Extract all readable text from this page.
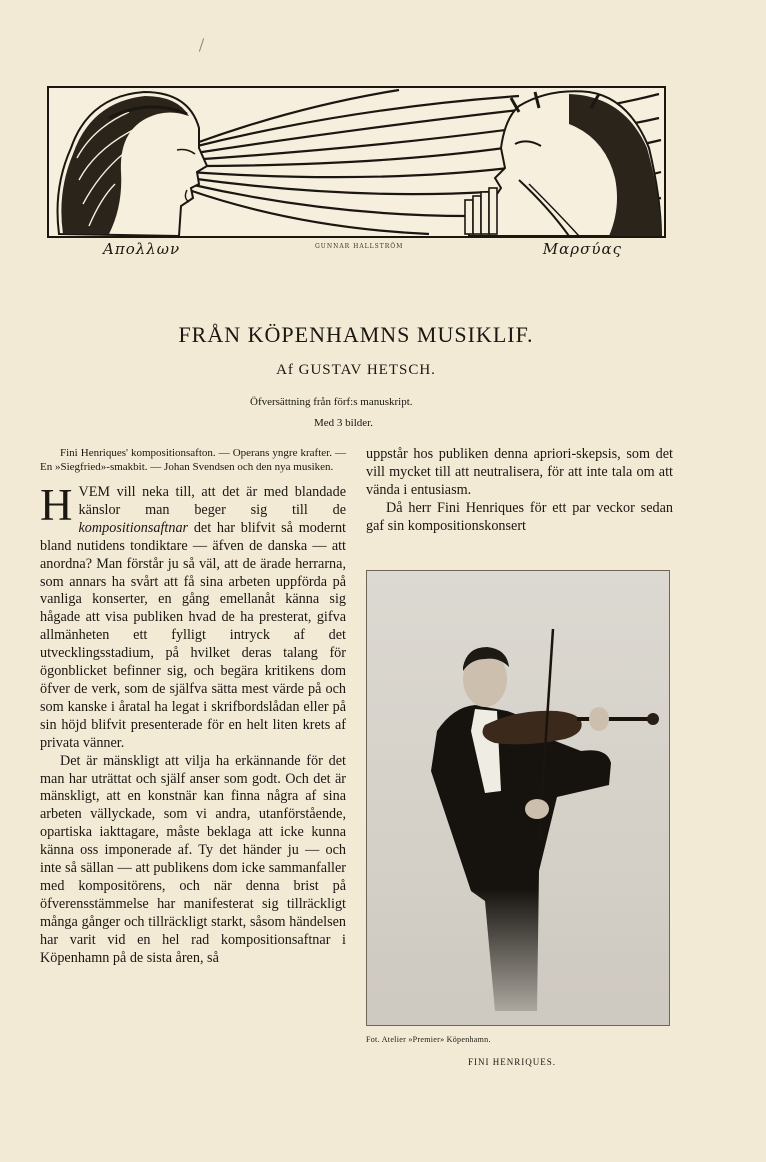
Απολλων	GUNNAR HALLSTRÖM	Μαρσύας
FRÅN KÖPENHAMNS MUSIKLIF.
Af GUSTAV HETSCH.
Öfversättning från förf:s manuskript.
Med 3 bilder.
Fini Henriques' kompositionsafton. — Operans yngre krafter. — En »Siegfried»-smakbit. — Johan Svendsen och den nya musiken.

HVEM vill neka till, att det är med blandade känslor man beger sig till de kompositionsaftnar det har blifvit så modernt bland nutidens tondiktare — äfven de danska — att anordna? Man förstår ju så väl, att de ärade herrarna, som annars ha svårt att få sina arbeten uppförda på vanliga konserter, en gång emellanåt känna sig hågade att visa publiken hvad de ha presterat, gifva allmänheten ett fylligt intryck af det utvecklingsstadium, på hvilket deras talang för ögonblicket befinner sig, och begära kritikens dom öfver de verk, som de själfva sätta mest värde på och som kanske i åratal ha legat i skrifbordslådan eller på sin höjd blifvit presenterade för en helt liten krets af privata vänner.

Det är mänskligt att vilja ha erkännande för det man har uträttat och själf anser som godt. Och det är mänskligt, att en konstnär kan finna några af sina arbeten vällyckade, som vi andra, utanförstående, opartiska iakttagare, måste beklaga att icke kunna känna oss imponerade af. Ty det händer ju — och inte så sällan — att publikens dom icke sammanfaller med kompositörens, och när denna brist på öfverensstämmelse har manifesterat sig tillräckligt många gånger och tillräckligt starkt, såsom händelsen har varit vid en hel rad kompositionsaftnar i Köpenhamn på de sista åren, så

uppstår hos publiken denna apriori-skepsis, som det vill mycket till att neutralisera, för att inte tala om att vända i entusiasm.

Då herr Fini Henriques för ett par veckor sedan gaf sin kompositionskonsert

Fot. Atelier »Premier» Köpenhamn.
FINI HENRIQUES.
